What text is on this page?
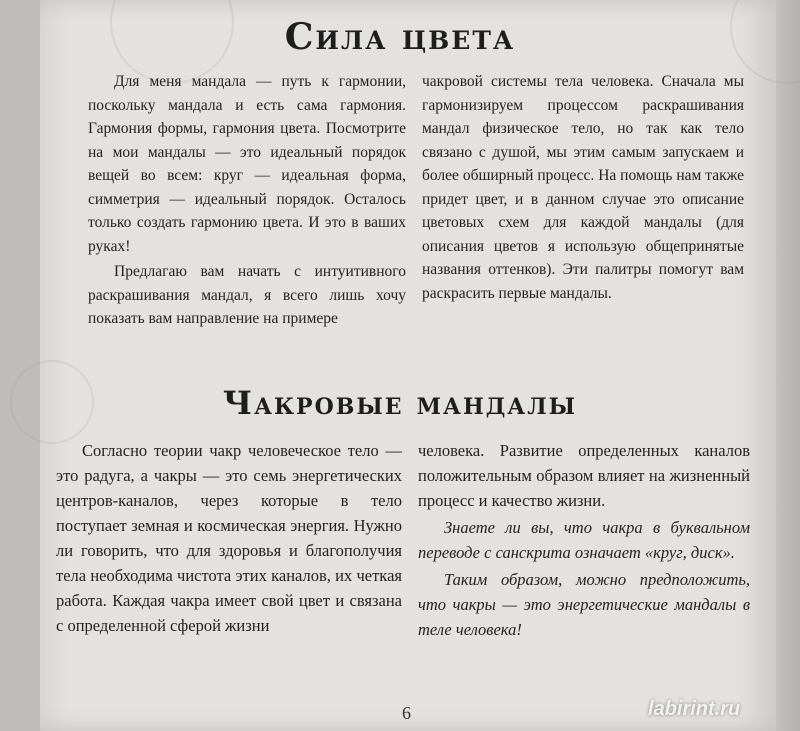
Сила цвета

Для меня мандала — путь к гармонии, поскольку мандала и есть сама гармония. Гармония формы, гармония цвета. Посмотрите на мои мандалы — это идеальный порядок вещей во всем: круг — идеальная форма, симметрия — идеальный порядок. Осталось только создать гармонию цвета. И это в ваших руках!

Предлагаю вам начать с интуитивного раскрашивания мандал, я всего лишь хочу показать вам направление на примере

чакровой системы тела человека. Сначала мы гармонизируем процессом раскрашивания мандал физическое тело, но так как тело связано с душой, мы этим самым запускаем и более обширный процесс. На помощь нам также придет цвет, и в данном случае это описание цветовых схем для каждой мандалы (для описания цветов я использую общепринятые названия оттенков). Эти палитры помогут вам раскрасить первые мандалы.

Чакровые мандалы

Согласно теории чакр человеческое тело — это радуга, а чакры — это семь энергетических центров-каналов, через которые в тело поступает земная и космическая энергия. Нужно ли говорить, что для здоровья и благополучия тела необходима чистота этих каналов, их четкая работа. Каждая чакра имеет свой цвет и связана с определенной сферой жизни

человека. Развитие определенных каналов положительным образом влияет на жизненный процесс и качество жизни.

Знаете ли вы, что чакра в буквальном переводе с санскрита означает «круг, диск».

Таким образом, можно предположить, что чакры — это энергетические мандалы в теле человека!

6	labirint.ru
